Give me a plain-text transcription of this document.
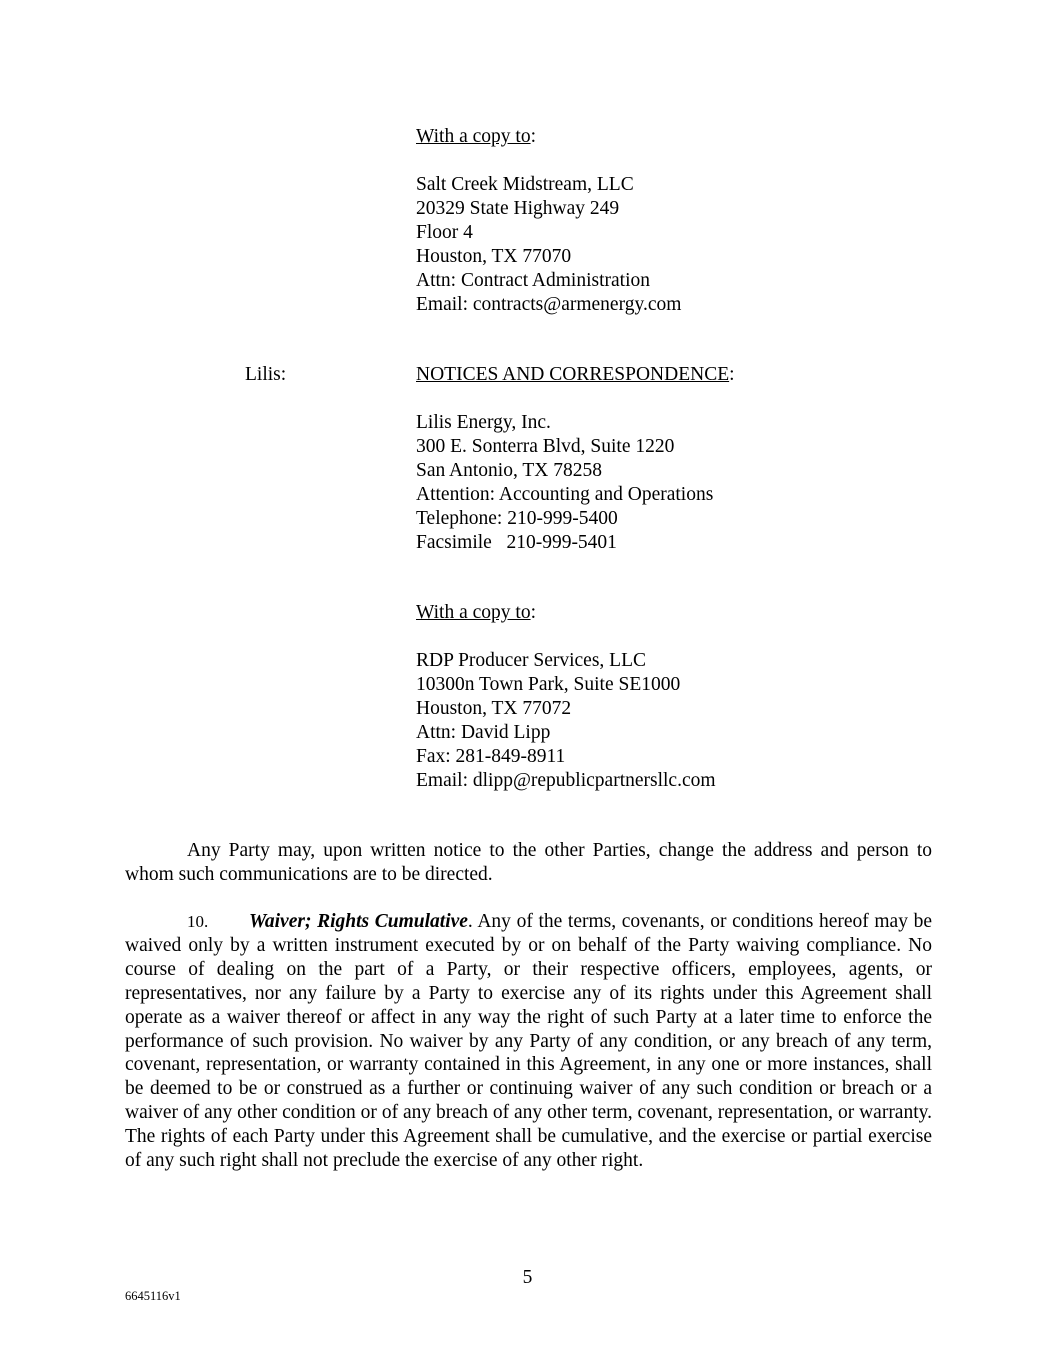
With a copy to:
Salt Creek Midstream, LLC
20329 State Highway 249
Floor 4
Houston, TX 77070
Attn: Contract Administration
Email: contracts@armenergy.com
Lilis:	NOTICES AND CORRESPONDENCE:
Lilis Energy, Inc.
300 E. Sonterra Blvd, Suite 1220
San Antonio, TX 78258
Attention: Accounting and Operations
Telephone: 210-999-5400
Facsimile   210-999-5401
With a copy to:
RDP Producer Services, LLC
10300n Town Park, Suite SE1000
Houston, TX 77072
Attn: David Lipp
Fax: 281-849-8911
Email: dlipp@republicpartnersllc.com
Any Party may, upon written notice to the other Parties, change the address and person to whom such communications are to be directed.
10. Waiver; Rights Cumulative. Any of the terms, covenants, or conditions hereof may be waived only by a written instrument executed by or on behalf of the Party waiving compliance. No course of dealing on the part of a Party, or their respective officers, employees, agents, or representatives, nor any failure by a Party to exercise any of its rights under this Agreement shall operate as a waiver thereof or affect in any way the right of such Party at a later time to enforce the performance of such provision. No waiver by any Party of any condition, or any breach of any term, covenant, representation, or warranty contained in this Agreement, in any one or more instances, shall be deemed to be or construed as a further or continuing waiver of any such condition or breach or a waiver of any other condition or of any breach of any other term, covenant, representation, or warranty. The rights of each Party under this Agreement shall be cumulative, and the exercise or partial exercise of any such right shall not preclude the exercise of any other right.
5
6645116v1
